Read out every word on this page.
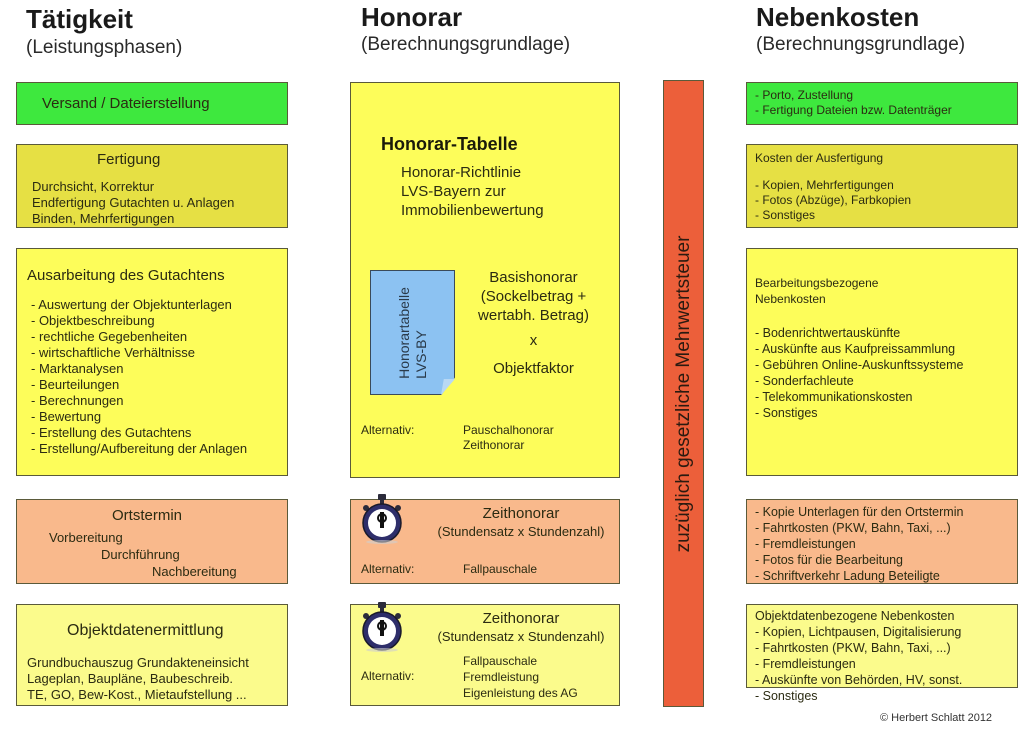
Tätigkeit
(Leistungsphasen)
Honorar
(Berechnungsgrundlage)
Nebenkosten
(Berechnungsgrundlage)
Versand / Dateierstellung
Fertigung
Durchsicht, Korrektur
Endfertigung Gutachten u. Anlagen
Binden, Mehrfertigungen
Ausarbeitung des Gutachtens
- Auswertung der Objektunterlagen
- Objektbeschreibung
- rechtliche Gegebenheiten
- wirtschaftliche Verhältnisse
- Marktanalysen
- Beurteilungen
- Berechnungen
- Bewertung
- Erstellung des Gutachtens
- Erstellung/Aufbereitung der Anlagen
Ortstermin
Vorbereitung
Durchführung
Nachbereitung
Objektdatenermittlung
Grundbuchauszug Grundakteneinsicht
Lageplan, Baupläne, Baubeschreib.
TE, GO, Bew-Kost., Mietaufstellung ...
Honorar-Tabelle
Honorar-Richtlinie
LVS-Bayern zur
Immobilienbewertung
Basishonorar
(Sockelbetrag +
wertabh. Betrag)
x
Objektfaktor
Alternativ:	Pauschalhonorar
Zeithonorar
Honorartabelle LVS-BY
Zeithonorar
(Stundensatz x Stundenzahl)
Alternativ:	Fallpauschale
Zeithonorar
(Stundensatz x Stundenzahl)
Alternativ:
Fallpauschale
Fremdleistung
Eigenleistung des AG
zuzüglich gesetzliche Mehrwertsteuer
- Porto, Zustellung
- Fertigung Dateien bzw. Datenträger
Kosten der Ausfertigung
- Kopien, Mehrfertigungen
- Fotos (Abzüge), Farbkopien
- Sonstiges
Bearbeitungsbezogene
Nebenkosten
- Bodenrichtwertauskünfte
- Auskünfte aus Kaufpreissammlung
- Gebühren Online-Auskunftssysteme
- Sonderfachleute
- Telekommunikationskosten
- Sonstiges
- Kopie Unterlagen für den Ortstermin
- Fahrtkosten (PKW, Bahn, Taxi, ...)
- Fremdleistungen
- Fotos für die Bearbeitung
- Schriftverkehr Ladung Beteiligte
Objektdatenbezogene Nebenkosten
- Kopien, Lichtpausen, Digitalisierung
- Fahrtkosten (PKW, Bahn, Taxi, ...)
- Fremdleistungen
- Auskünfte von Behörden, HV, sonst.
- Sonstiges
© Herbert Schlatt 2012
